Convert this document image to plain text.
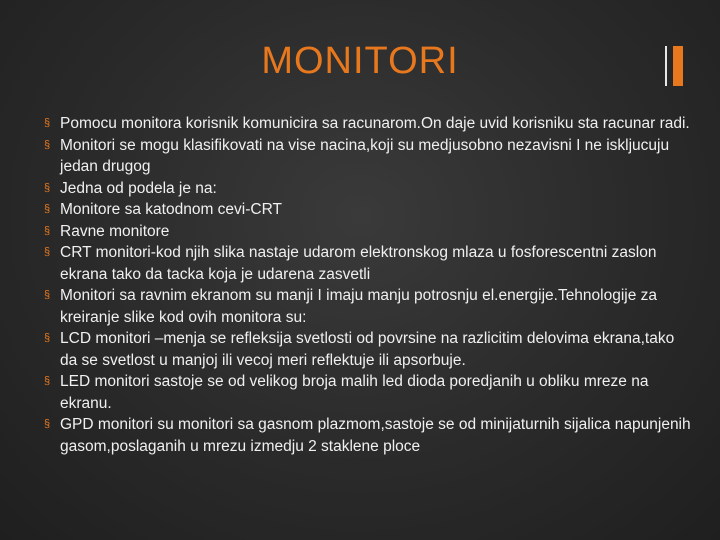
MONITORI
§ Pomocu monitora korisnik komunicira sa racunarom.On daje uvid korisniku sta racunar radi.
§ Monitori se mogu klasifikovati na vise nacina,koji su medjusobno nezavisni I ne iskljucuju jedan drugog
§ Jedna od podela je na:
§ Monitore sa katodnom cevi-CRT
§ Ravne monitore
§ CRT monitori-kod njih slika nastaje udarom elektronskog mlaza u fosforescentni zaslon ekrana tako da tacka koja je udarena zasvetli
§ Monitori sa ravnim ekranom su manji I imaju manju potrosnju el.energije.Tehnologije za kreiranje slike kod ovih monitora su:
§ LCD monitori –menja se refleksija svetlosti od povrsine na razlicitim delovima ekrana,tako da se svetlost u manjoj ili vecoj meri reflektuje ili apsorbuje.
§ LED monitori sastoje se od velikog broja malih led dioda poredjanih u obliku mreze na ekranu.
§ GPD monitori su monitori sa gasnom plazmom,sastoje se od minijaturnih sijalica napunjenih gasom,poslaganih u mrezu izmedju 2 staklene ploce
